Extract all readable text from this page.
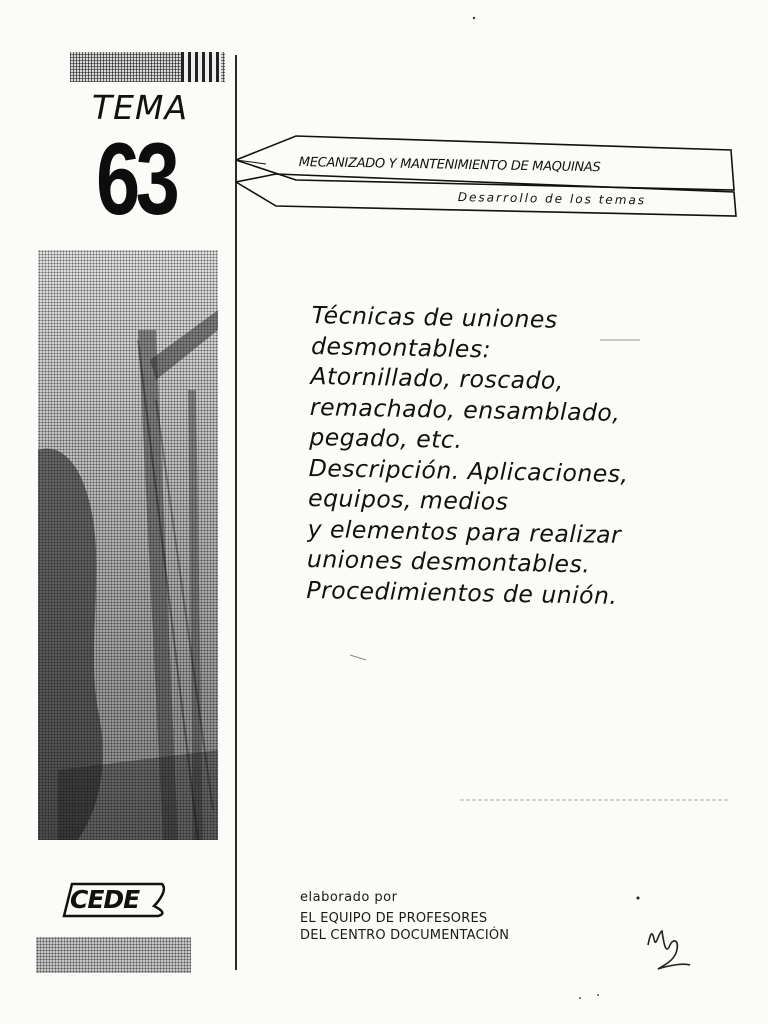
TEMA
63
CEDE
MECANIZADO Y MANTENIMIENTO DE MAQUINAS
Desarrollo de los temas
Técnicas de uniones
desmontables:
Atornillado, roscado,
remachado, ensamblado,
pegado, etc.
Descripción. Aplicaciones,
equipos, medios
y elementos para realizar
uniones desmontables.
Procedimientos de unión.
elaborado por
EL EQUIPO DE PROFESORES
DEL CENTRO DOCUMENTACIÓN
